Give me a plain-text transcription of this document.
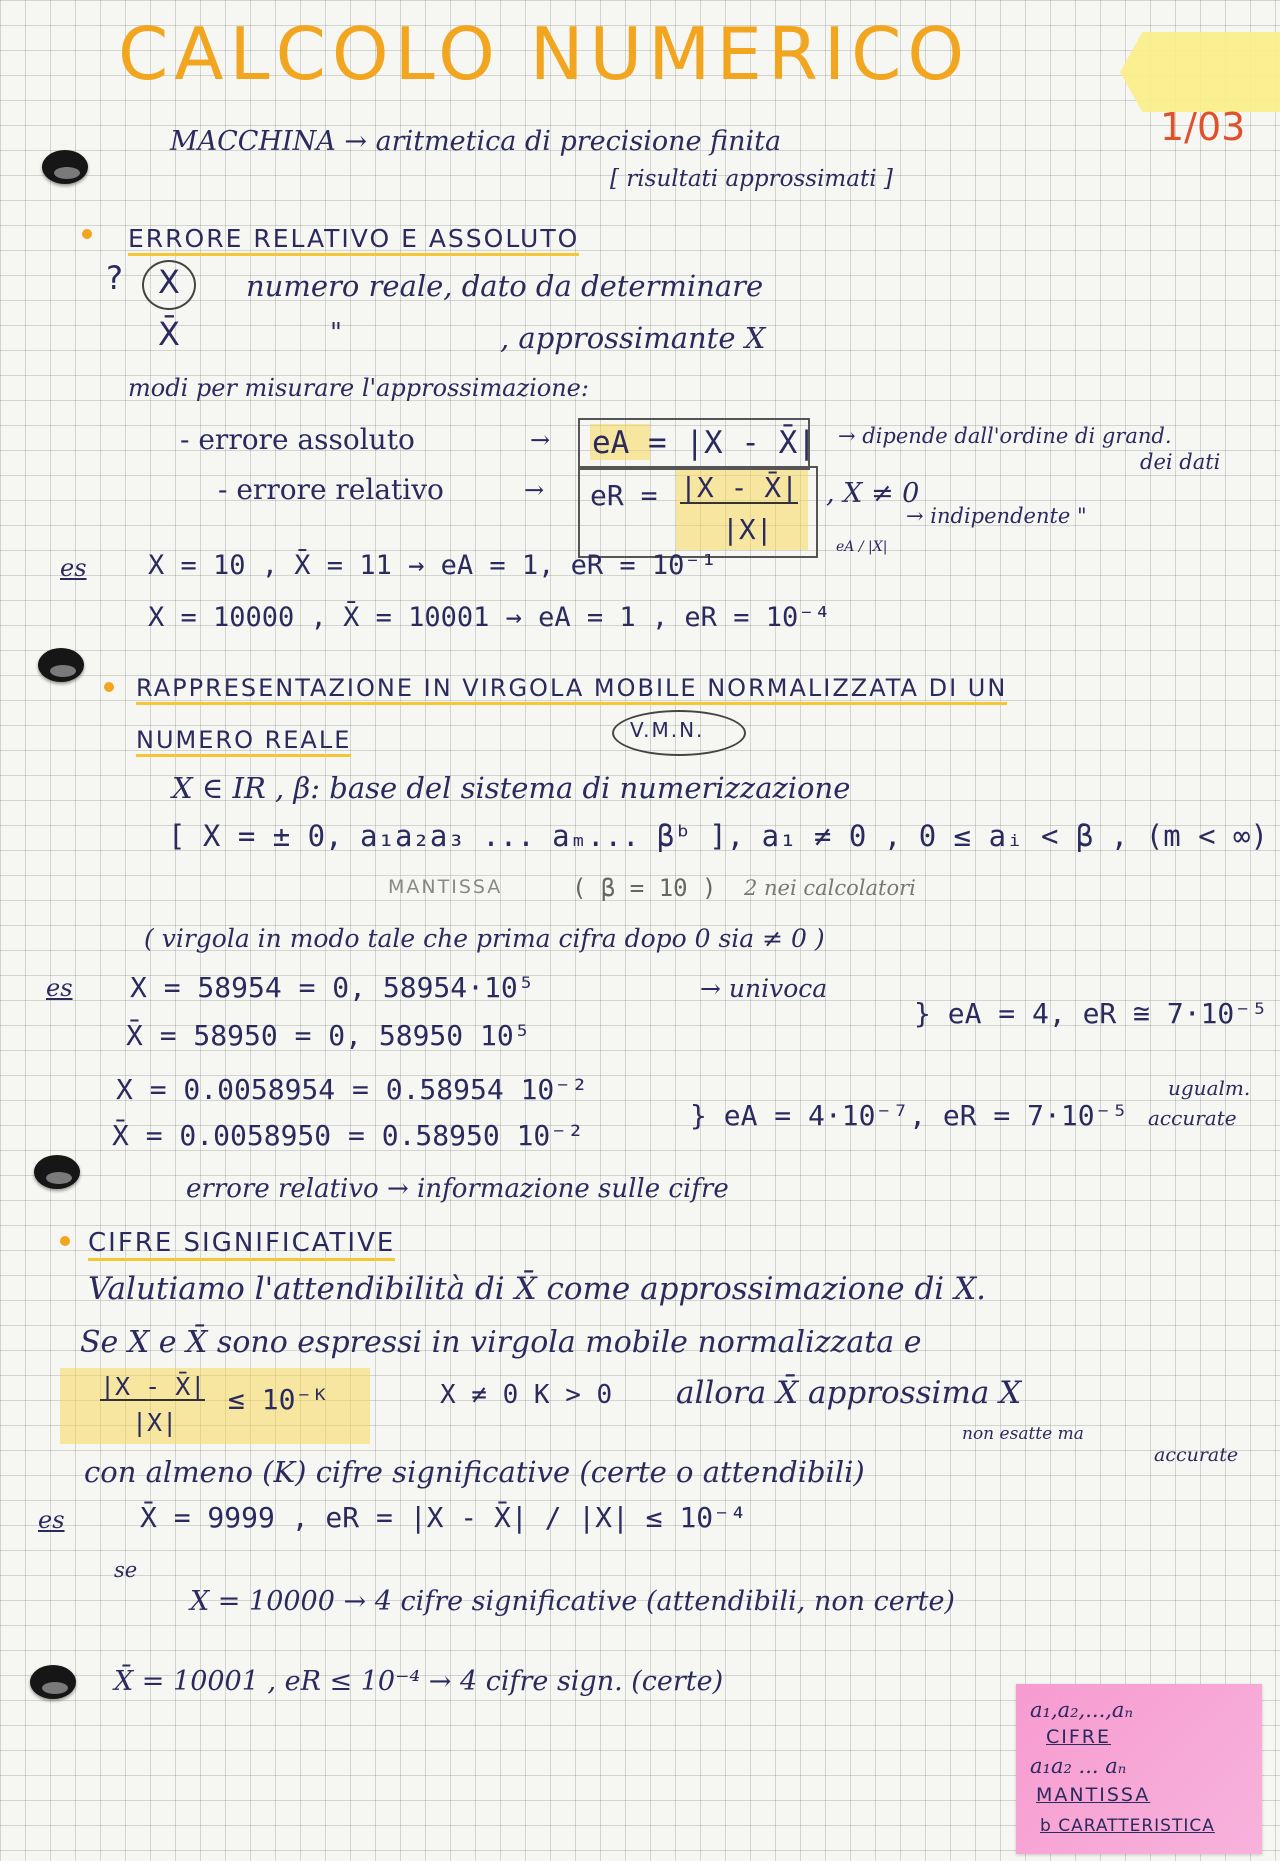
CALCOLO NUMERICO
1/03
MACCHINA → aritmetica di precisione finita
[ risultati approssimati ]
ERRORE RELATIVO E ASSOLUTO
? X numero reale, dato da determinare
X̄	"	, approssimante X
modi per misurare l'approssimazione:
- errore assoluto	→ eA = |X - X̄| → dipende dall'ordine di grand.
dei dati
- errore relativo	→ eR = |X - X̄|
|X|
, X ≠ 0
→ indipendente "
eA / |X|
es X = 10 , X̄ = 11 → eA = 1, eR = 10⁻¹
X = 10000 , X̄ = 10001 → eA = 1 , eR = 10⁻⁴
RAPPRESENTAZIONE IN VIRGOLA MOBILE NORMALIZZATA DI UN
NUMERO REALE	V.M.N.
X ∈ IR , β: base del sistema di numerizzazione
[ X = ± 0, a₁a₂a₃ ... aₘ... βᵇ ], a₁ ≠ 0 , 0 ≤ aᵢ < β , (m < ∞)
MANTISSA	( β = 10 ) 2 nei calcolatori
( virgola in modo tale che prima cifra dopo 0 sia ≠ 0 )
es X = 58954 = 0, 58954·10⁵	→ univoca
X̄ = 58950 = 0, 58950 10⁵
} eA = 4, eR ≅ 7·10⁻⁵
X = 0.0058954 = 0.58954 10⁻²
X̄ = 0.0058950 = 0.58950 10⁻²
} eA = 4·10⁻⁷, eR = 7·10⁻⁵
ugualm.
accurate
errore relativo → informazione sulle cifre
CIFRE SIGNIFICATIVE
Valutiamo l'attendibilità di X̄ come approssimazione di X.
Se X e X̄ sono espressi in virgola mobile normalizzata e
|X - X̄|
|X|
≤ 10⁻ᴷ	X ≠ 0 K > 0 allora X̄ approssima X
non esatte ma
accurate
con almeno (K) cifre significative (certe o attendibili)
es	X̄ = 9999 , eR = |X - X̄| / |X| ≤ 10⁻⁴
se
X = 10000 → 4 cifre significative (attendibili, non certe)
X̄ = 10001 , eR ≤ 10⁻⁴ → 4 cifre sign. (certe)
a₁,a₂,...,aₙ
CIFRE
a₁a₂ ... aₙ
MANTISSA
b CARATTERISTICA
